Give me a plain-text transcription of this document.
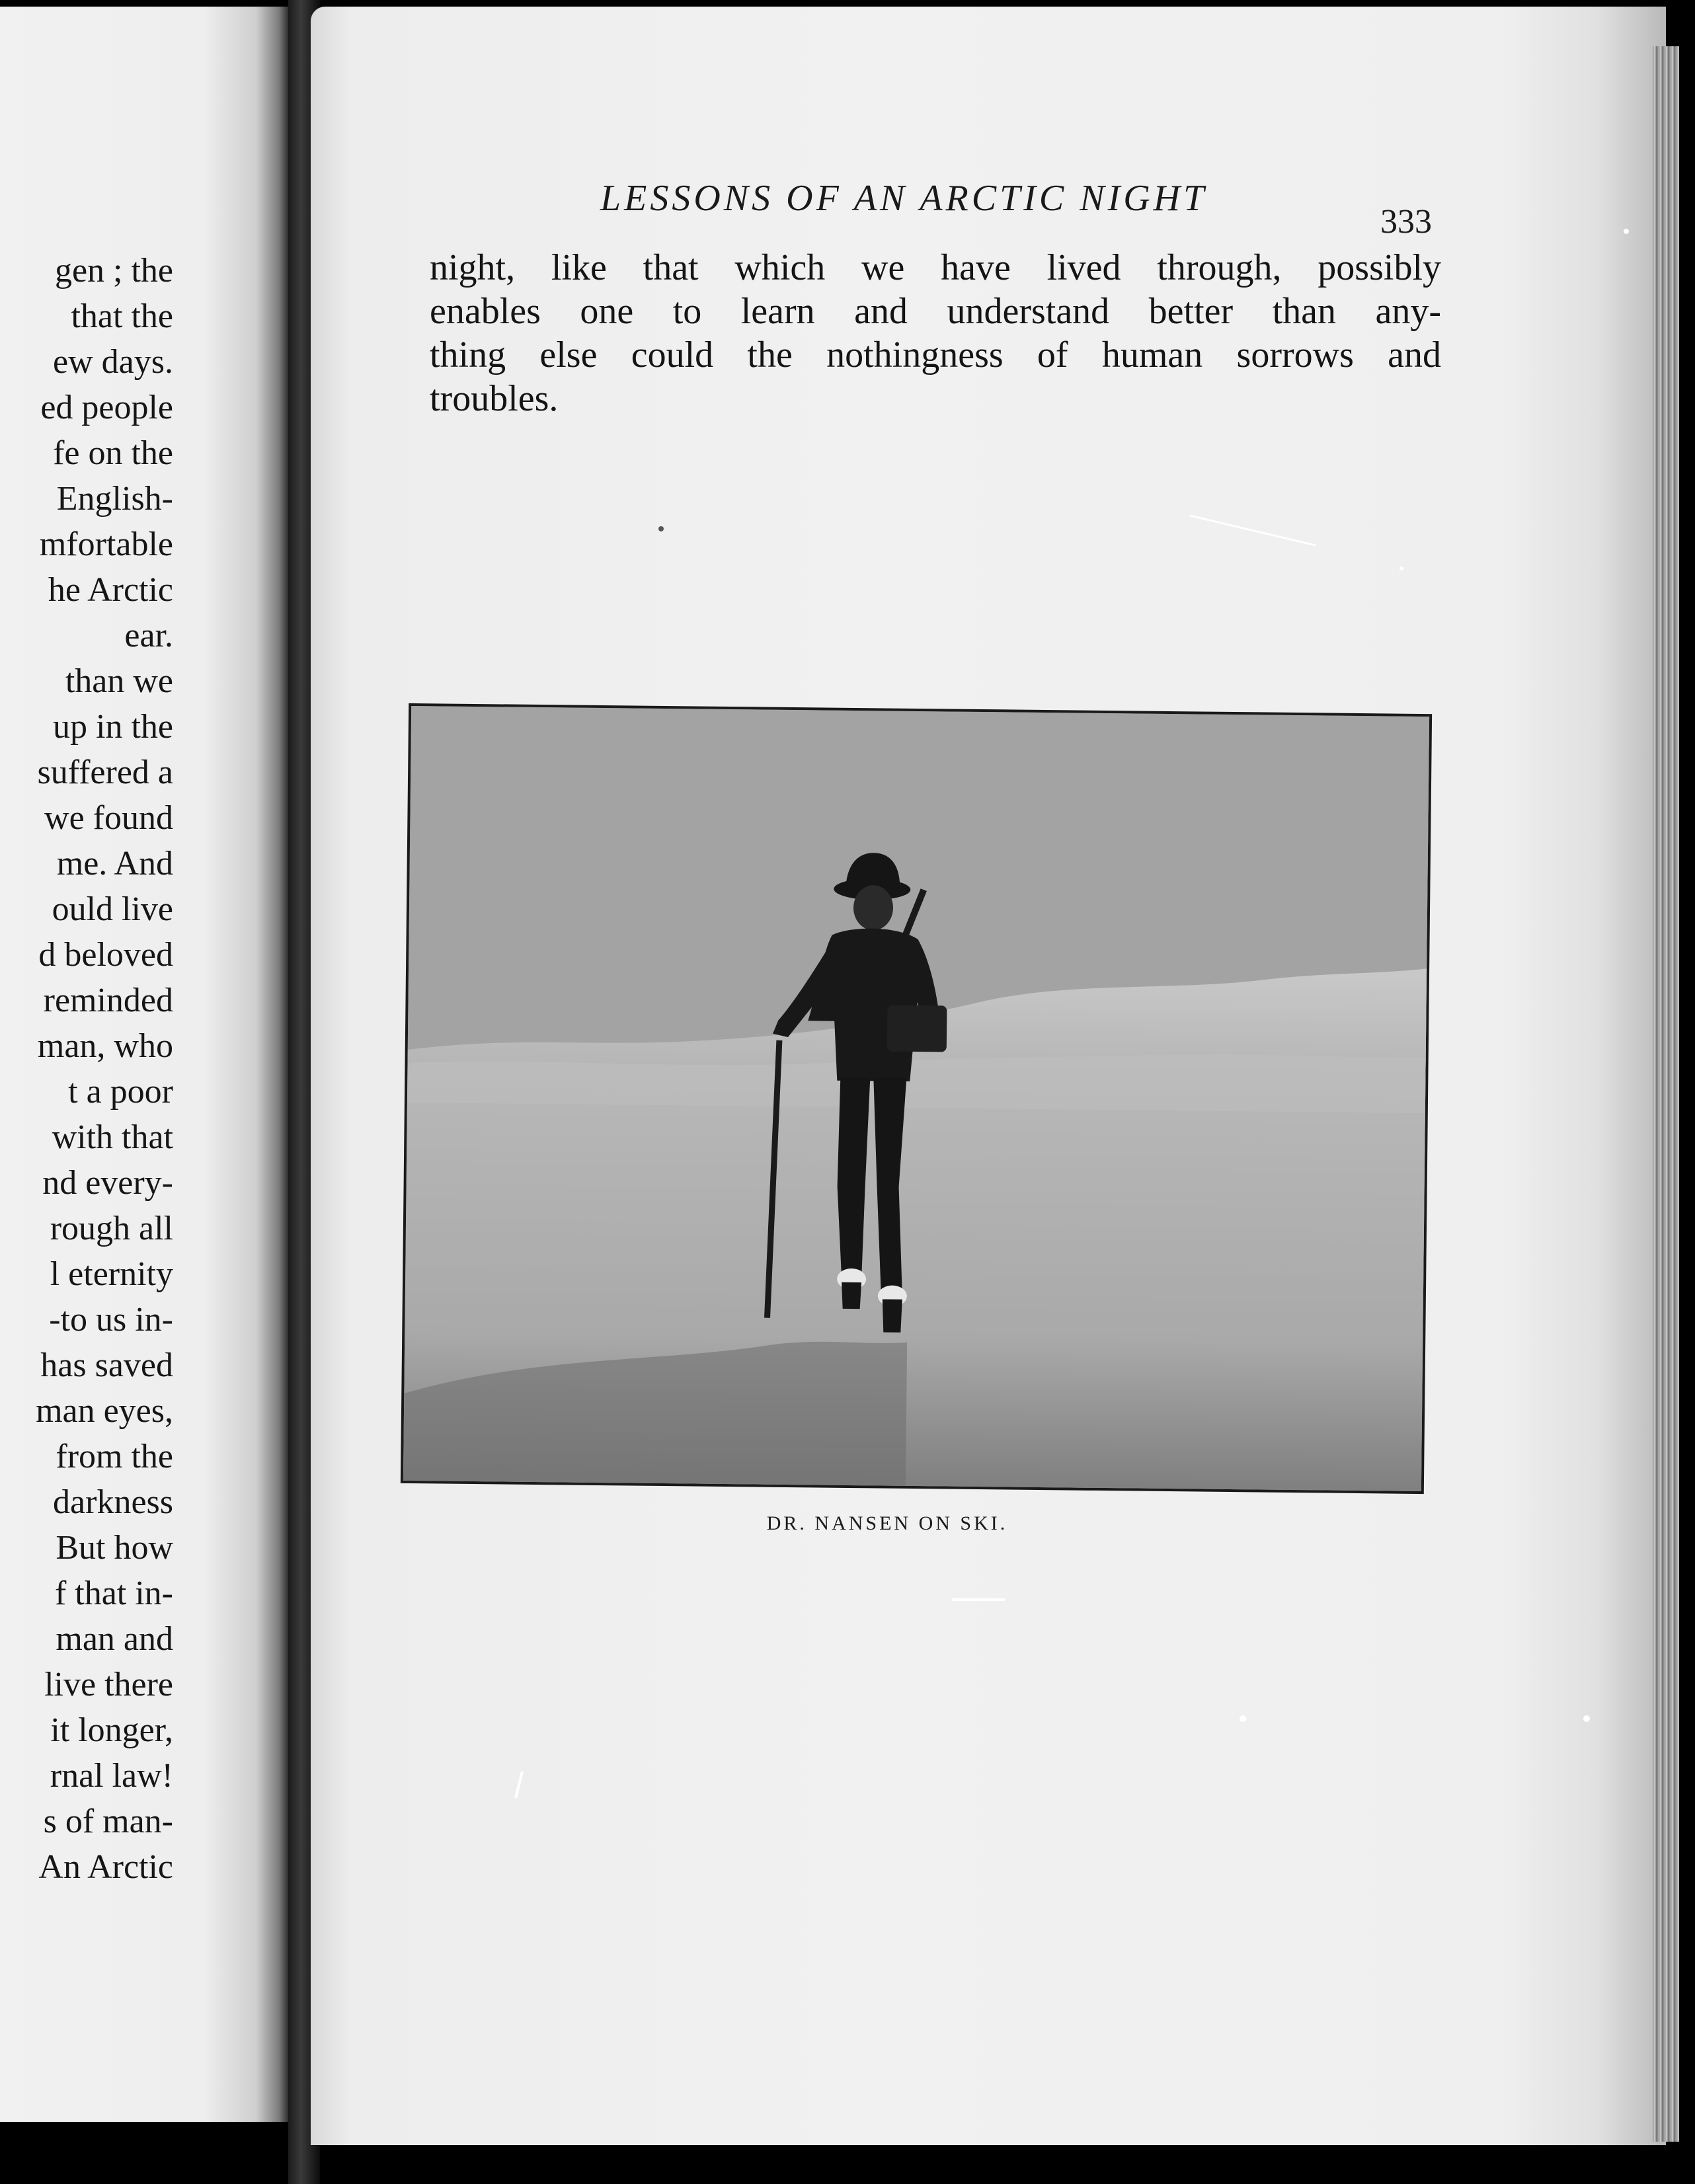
gen ; the
that the
ew days.
ed people
fe on the
English-
mfortable
he Arctic
ear.
than we
up in the
suffered a
we found
me. And
ould live
d beloved
reminded
man, who
t a poor
with that
nd every-
rough all
l eternity
-to us in-
has saved
man eyes,
from the
darkness
But how
f that in-
man and
live there
it longer,
rnal law!
s of man-
An Arctic
LESSONS OF AN ARCTIC NIGHT
333
night, like that which we have lived through, possibly
enables one to learn and understand better than any-
thing else could the nothingness of human sorrows and
troubles.
DR. NANSEN ON SKI.
